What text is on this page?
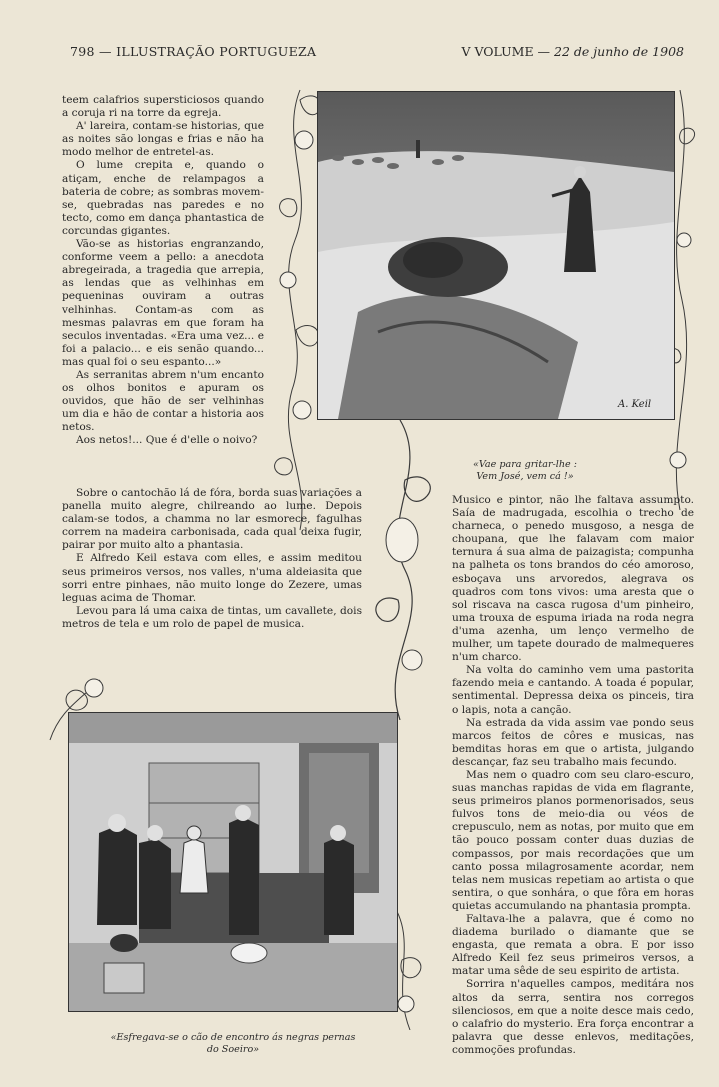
798 — ILLUSTRAÇÃO PORTUGUEZA	V VOLUME — 22 de junho de 1908

teem calafrios supersticiosos quando a coruja ri na torre da egreja.

A' lareira, contam-se historias, que as noites são longas e frias e não ha modo melhor de entretel-as.

O lume crepita e, quando o atiçam, enche de relampagos a bateria de cobre; as sombras movem-se, quebradas nas paredes e no tecto, como em dança phantastica de corcundas gigantes.

Vão-se as historias engranzando, conforme veem a pello: a anecdota abregeirada, a tragedia que arrepia, as lendas que as velhinhas em pequeninas ouviram a outras velhinhas. Contam-as com as mesmas palavras em que foram ha seculos inventadas. «Era uma vez... e foi a palacio... e eis senão quando... mas qual foi o seu espanto...»

As serranitas abrem n'um encanto os olhos bonitos e apuram os ouvidos, que hão de ser velhinhas um dia e hão de contar a historia aos netos.

Aos netos!... Que é d'elle o noivo?

Sobre o cantochão lá de fóra, borda suas variações a panella muito alegre, chilreando ao lume. Depois calam-se todos, a chamma no lar esmorece, fagulhas correm na madeira carbonisada, cada qual deixa fugir, pairar por muito alto a phantasia.

E Alfredo Keil estava com elles, e assim meditou seus primeiros versos, nos valles, n'uma aldeiasita que sorri entre pinhaes, não muito longe do Zezere, umas leguas acima de Thomar.

Levou para lá uma caixa de tintas, um cavallete, dois metros de tela e um rolo de papel de musica.

A. Keil
«Vae para gritar-lhe : Vem José, vem cá !»

Musico e pintor, não lhe faltava assumpto. Saía de madrugada, escolhia o trecho de charneca, o penedo musgoso, a nesga de choupana, que lhe falavam com maior ternura á sua alma de paizagista; compunha na palheta os tons brandos do céo amoroso, esboçava uns arvoredos, alegrava os quadros com tons vivos: uma aresta que o sol riscava na casca rugosa d'um pinheiro, uma trouxa de espuma iriada na roda negra d'uma azenha, um lenço vermelho de mulher, um tapete dourado de malmequeres n'um charco.

Na volta do caminho vem uma pastorita fazendo meia e cantando. A toada é popular, sentimental. Depressa deixa os pinceis, tira o lapis, nota a canção.

Na estrada da vida assim vae pondo seus marcos feitos de côres e musicas, nas bemditas horas em que o artista, julgando descançar, faz seu trabalho mais fecundo.

Mas nem o quadro com seu claro-escuro, suas manchas rapidas de vida em flagrante, seus primeiros planos pormenorisados, seus fulvos tons de meio-dia ou véos de crepusculo, nem as notas, por muito que em tão pouco possam conter duas duzias de compassos, por mais recordações que um canto possa milagrosamente acordar, nem telas nem musicas repetiam ao artista o que sentira, o que sonhára, o que fôra em horas quietas accumulando na phantasia prompta.

Faltava-lhe a palavra, que é como no diadema burilado o diamante que se engasta, que remata a obra. E por isso Alfredo Keil fez seus primeiros versos, a matar uma sêde de seu espirito de artista.

Sorrira n'aquelles campos, meditára nos altos da serra, sentira nos corregos silenciosos, em que a noite desce mais cedo, o calafrio do mysterio. Era força encontrar a palavra que desse enlevos, meditações, commoções profundas.

«Esfregava-se o cão de encontro ás negras pernas do Soeiro»
